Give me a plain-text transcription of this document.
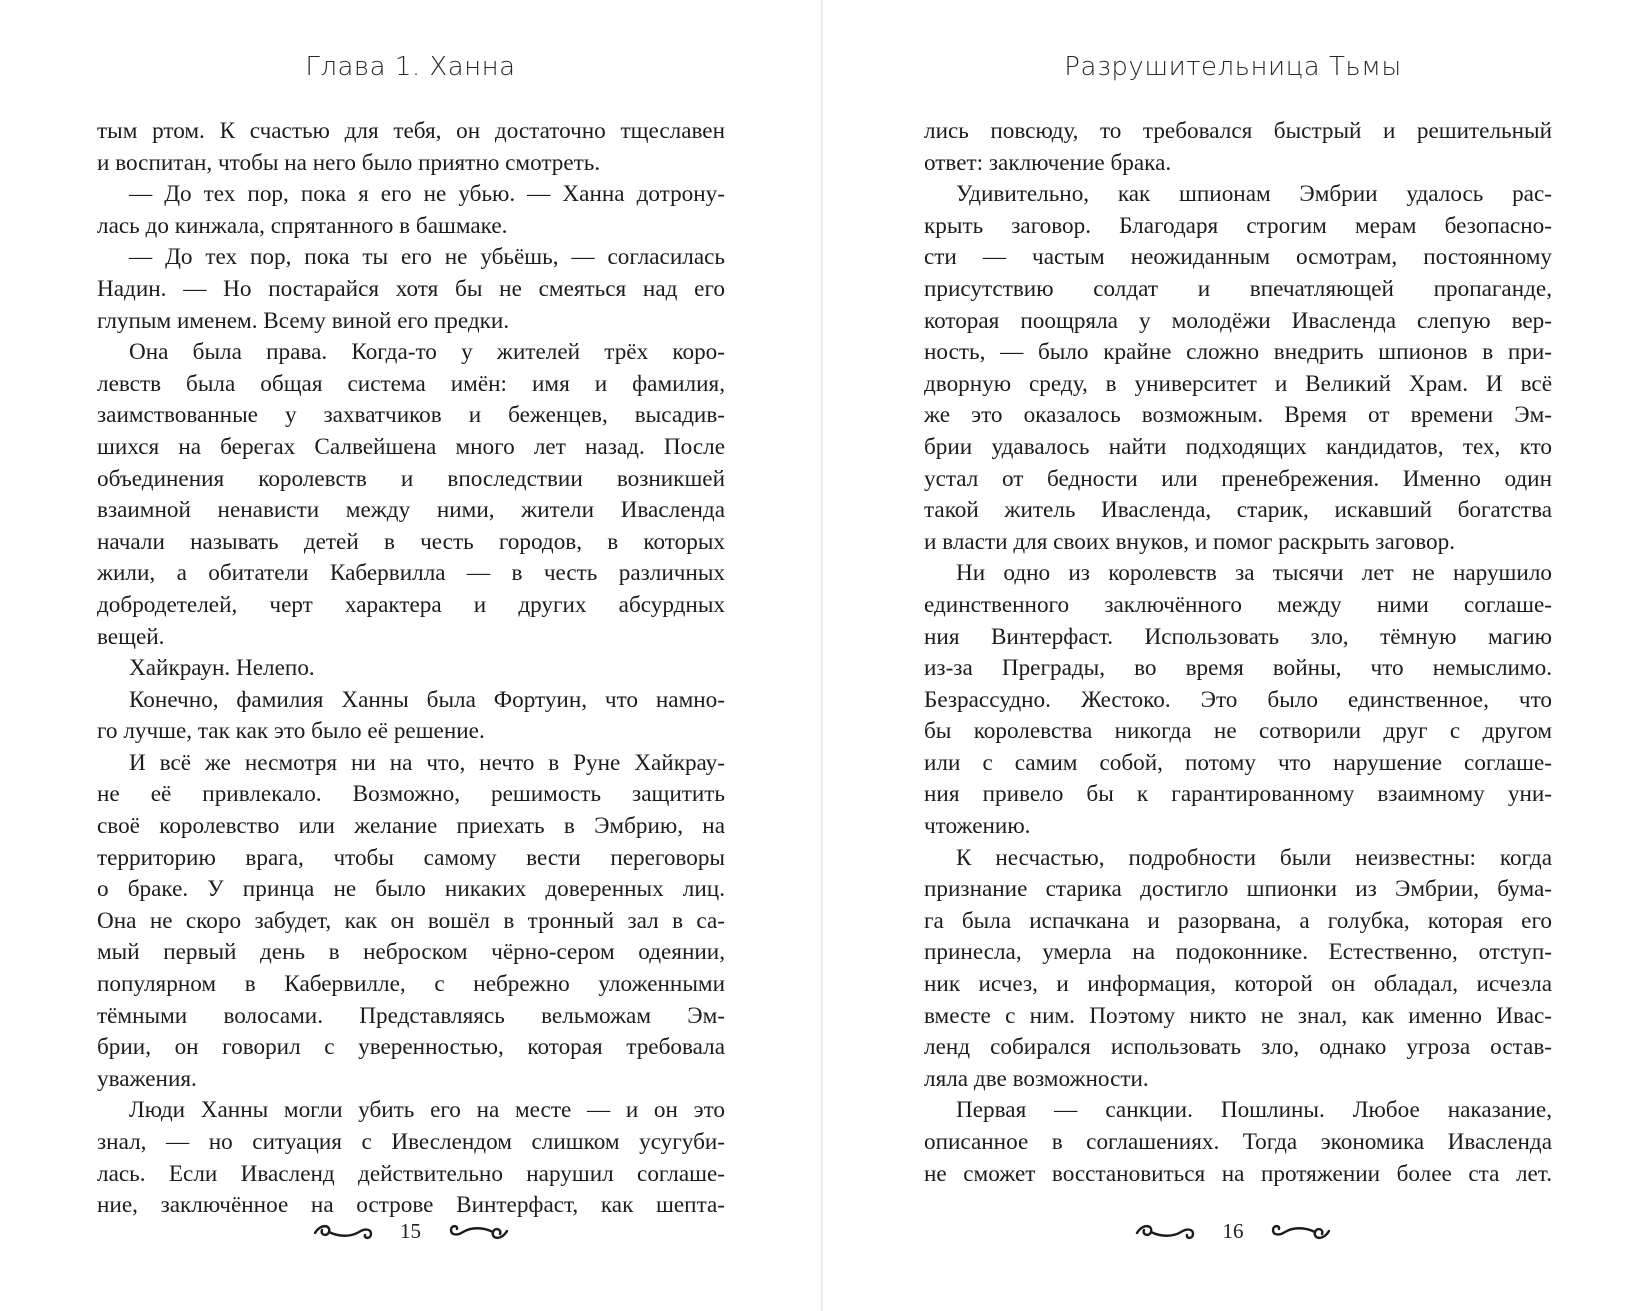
Глава 1. Ханна
тым ртом. К счастью для тебя, он достаточно тщеславен
и воспитан, чтобы на него было приятно смотреть.
— До тех пор, пока я его не убью. — Ханна дотрону-
лась до кинжала, спрятанного в башмаке.
— До тех пор, пока ты его не убьёшь, — согласилась
Надин. — Но постарайся хотя бы не смеяться над его
глупым именем. Всему виной его предки.
Она была права. Когда-то у жителей трёх коро-
левств была общая система имён: имя и фамилия,
заимствованные у захватчиков и беженцев, высадив-
шихся на берегах Салвейшена много лет назад. После
объединения королевств и впоследствии возникшей
взаимной ненависти между ними, жители Ивасленда
начали называть детей в честь городов, в которых
жили, а обитатели Кабервилла — в честь различных
добродетелей, черт характера и других абсурдных
вещей.
Хайкраун. Нелепо.
Конечно, фамилия Ханны была Фортуин, что намно-
го лучше, так как это было её решение.
И всё же несмотря ни на что, нечто в Руне Хайкрау-
не её привлекало. Возможно, решимость защитить
своё королевство или желание приехать в Эмбрию, на
территорию врага, чтобы самому вести переговоры
о браке. У принца не было никаких доверенных лиц.
Она не скоро забудет, как он вошёл в тронный зал в са-
мый первый день в неброском чёрно-сером одеянии,
популярном в Кабервилле, с небрежно уложенными
тёмными волосами. Представляясь вельможам Эм-
брии, он говорил с уверенностью, которая требовала
уважения.
Люди Ханны могли убить его на месте — и он это
знал, — но ситуация с Ивеслендом слишком усугуби-
лась. Если Ивасленд действительно нарушил соглаше-
ние, заключённое на острове Винтерфаст, как шепта-
15
Разрушительница Тьмы
лись повсюду, то требовался быстрый и решительный
ответ: заключение брака.
Удивительно, как шпионам Эмбрии удалось рас-
крыть заговор. Благодаря строгим мерам безопасно-
сти — частым неожиданным осмотрам, постоянному
присутствию солдат и впечатляющей пропаганде,
которая поощряла у молодёжи Ивасленда слепую вер-
ность, — было крайне сложно внедрить шпионов в при-
дворную среду, в университет и Великий Храм. И всё
же это оказалось возможным. Время от времени Эм-
брии удавалось найти подходящих кандидатов, тех, кто
устал от бедности или пренебрежения. Именно один
такой житель Ивасленда, старик, искавший богатства
и власти для своих внуков, и помог раскрыть заговор.
Ни одно из королевств за тысячи лет не нарушило
единственного заключённого между ними соглаше-
ния Винтерфаст. Использовать зло, тёмную магию
из-за Преграды, во время войны, что немыслимо.
Безрассудно. Жестоко. Это было единственное, что
бы королевства никогда не сотворили друг с другом
или с самим собой, потому что нарушение соглаше-
ния привело бы к гарантированному взаимному уни-
чтожению.
К несчастью, подробности были неизвестны: когда
признание старика достигло шпионки из Эмбрии, бума-
га была испачкана и разорвана, а голубка, которая его
принесла, умерла на подоконнике. Естественно, отступ-
ник исчез, и информация, которой он обладал, исчезла
вместе с ним. Поэтому никто не знал, как именно Ивас-
ленд собирался использовать зло, однако угроза остав-
ляла две возможности.
Первая — санкции. Пошлины. Любое наказание,
описанное в соглашениях. Тогда экономика Ивасленда
не сможет восстановиться на протяжении более ста лет.
16
